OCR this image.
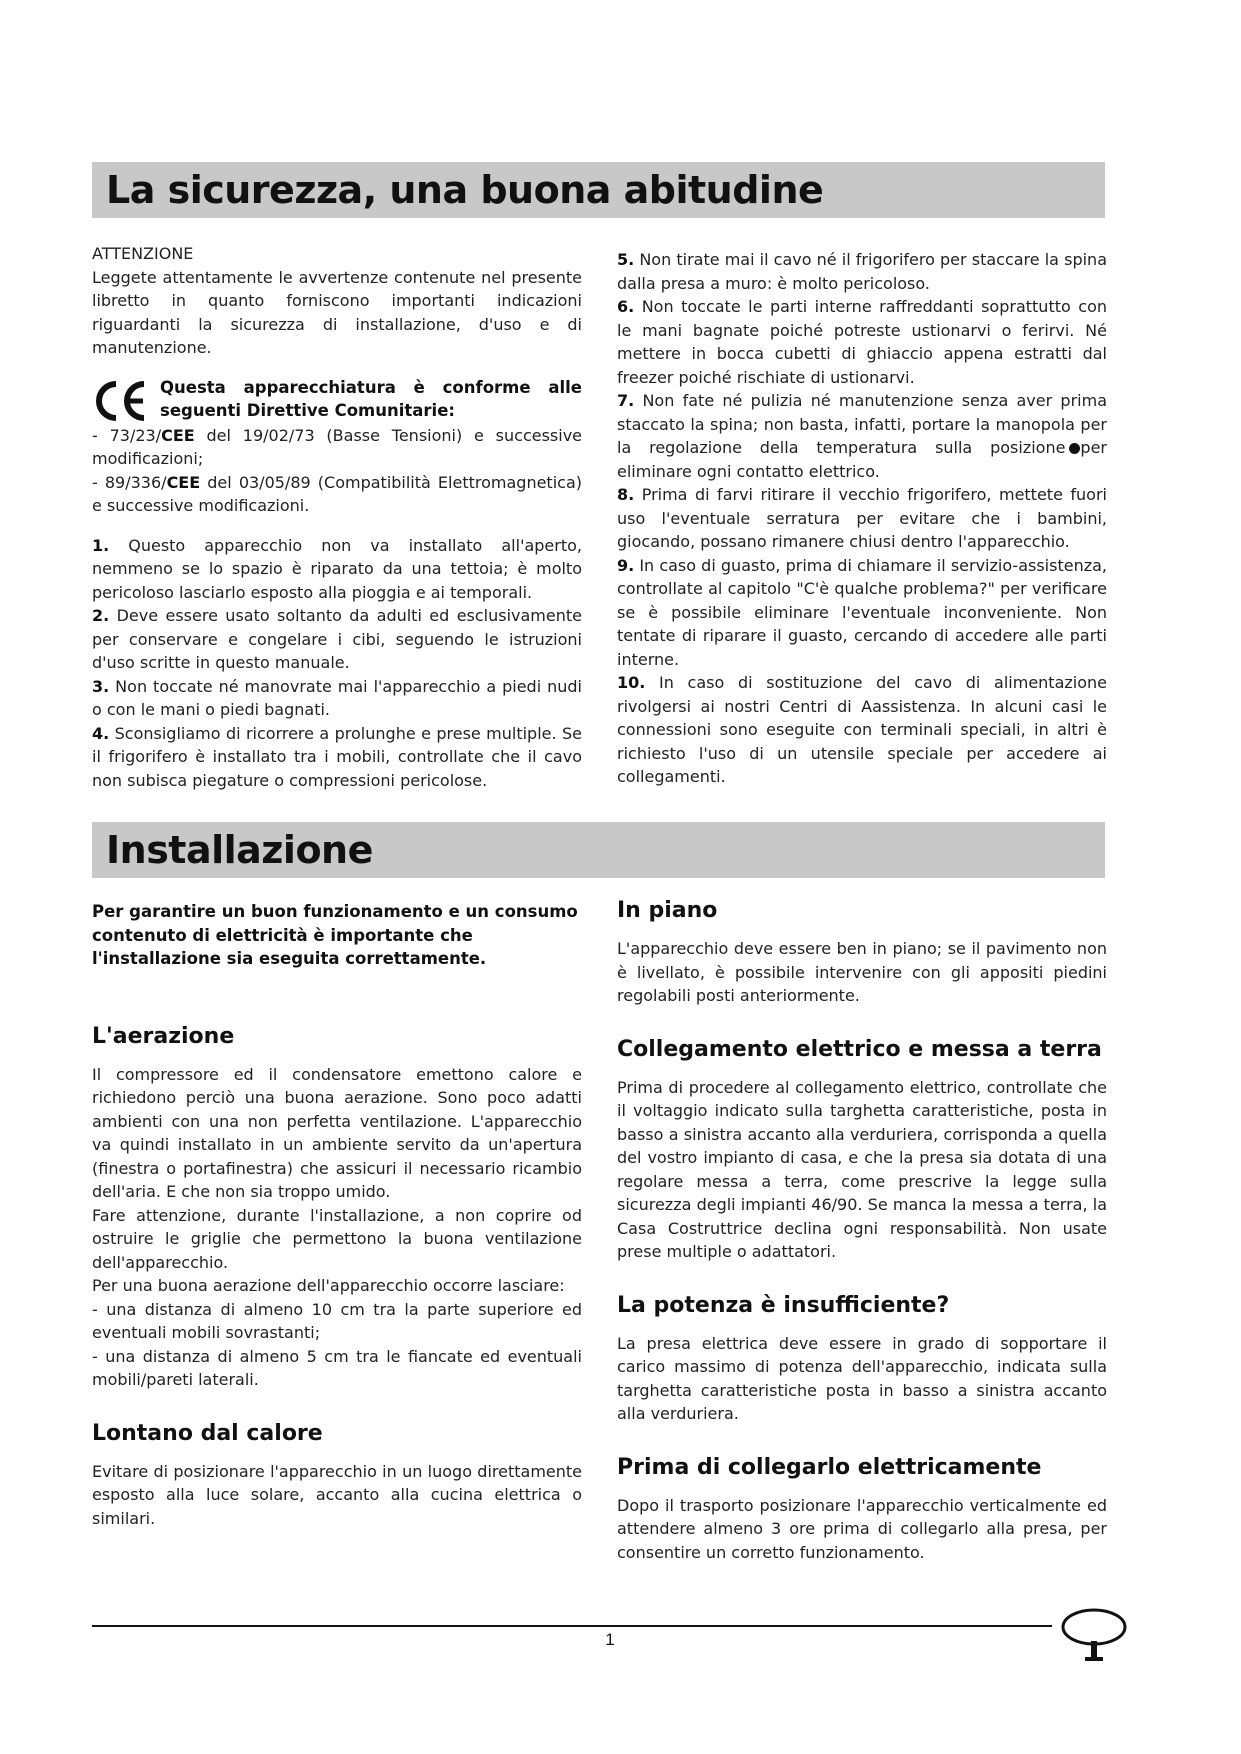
La sicurezza, una buona abitudine

ATTENZIONE

Leggete attentamente le avvertenze contenute nel presente libretto in quanto forniscono importanti indicazioni riguardanti la sicurezza di installazione, d'uso e di manutenzione.

Questa apparecchiatura è conforme alle seguenti Direttive Comunitarie:

- 73/23/CEE del 19/02/73 (Basse Tensioni) e successive modificazioni;

- 89/336/CEE del 03/05/89 (Compatibilità Elettromagnetica) e successive modificazioni.

1. Questo apparecchio non va installato all'aperto, nemmeno se lo spazio è riparato da una tettoia; è molto pericoloso lasciarlo esposto alla pioggia e ai temporali.

2. Deve essere usato soltanto da adulti ed esclusivamente per conservare e congelare i cibi, seguendo le istruzioni d'uso scritte in questo manuale.

3. Non toccate né manovrate mai l'apparecchio a piedi nudi o con le mani o piedi bagnati.

4. Sconsigliamo di ricorrere a prolunghe e prese multiple. Se il frigorifero è installato tra i mobili, controllate che il cavo non subisca piegature o compressioni pericolose.

5. Non tirate mai il cavo né il frigorifero per staccare la spina dalla presa a muro: è molto pericoloso.

6. Non toccate le parti interne raffreddanti soprattutto con le mani bagnate poiché potreste ustionarvi o ferirvi. Né mettere in bocca cubetti di ghiaccio appena estratti dal freezer poiché rischiate di ustionarvi.

7. Non fate né pulizia né manutenzione senza aver prima staccato la spina; non basta, infatti, portare la manopola per la regolazione della temperatura sulla posizione per eliminare ogni contatto elettrico.

8. Prima di farvi ritirare il vecchio frigorifero, mettete fuori uso l'eventuale serratura per evitare che i bambini, giocando, possano rimanere chiusi dentro l'apparecchio.

9. In caso di guasto, prima di chiamare il servizio-assistenza, controllate al capitolo "C'è qualche problema?" per verificare se è possibile eliminare l'eventuale inconveniente. Non tentate di riparare il guasto, cercando di accedere alle parti interne.

10. In caso di sostituzione del cavo di alimentazione rivolgersi ai nostri Centri di Aassistenza. In alcuni casi le connessioni sono eseguite con terminali speciali, in altri è richiesto l'uso di un utensile speciale per accedere ai collegamenti.

Installazione

Per garantire un buon funzionamento e un consumo contenuto di elettricità è importante che l'installazione sia eseguita correttamente.

L'aerazione

Il compressore ed il condensatore emettono calore e richiedono perciò una buona aerazione. Sono poco adatti ambienti con una non perfetta ventilazione. L'apparecchio va quindi installato in un ambiente servito da un'apertura (finestra o portafinestra) che assicuri il necessario ricambio dell'aria. E che non sia troppo umido.

Fare attenzione, durante l'installazione, a non coprire od ostruire le griglie che permettono la buona ventilazione dell'apparecchio.

Per una buona aerazione dell'apparecchio occorre lasciare:

- una distanza di almeno 10 cm tra la parte superiore ed eventuali mobili sovrastanti;

- una distanza di almeno 5 cm tra le fiancate ed eventuali mobili/pareti laterali.

Lontano dal calore

Evitare di posizionare l'apparecchio in un luogo direttamente esposto alla luce solare, accanto alla cucina elettrica o similari.

In piano

L'apparecchio deve essere ben in piano; se il pavimento non è livellato, è possibile intervenire con gli appositi piedini regolabili posti anteriormente.

Collegamento elettrico e messa a terra

Prima di procedere al collegamento elettrico, controllate che il voltaggio indicato sulla targhetta caratteristiche, posta in basso a sinistra accanto alla verduriera, corrisponda a quella del vostro impianto di casa, e che la presa sia dotata di una regolare messa a terra, come prescrive la legge sulla sicurezza degli impianti 46/90. Se manca la messa a terra, la Casa Costruttrice declina ogni responsabilità. Non usate prese multiple o adattatori.

La potenza è insufficiente?

La presa elettrica deve essere in grado di sopportare il carico massimo di potenza dell'apparecchio, indicata sulla targhetta caratteristiche posta in basso a sinistra accanto alla verduriera.

Prima di collegarlo elettricamente

Dopo il trasporto posizionare l'apparecchio verticalmente ed attendere almeno 3 ore prima di collegarlo alla presa, per consentire un corretto funzionamento.

1
